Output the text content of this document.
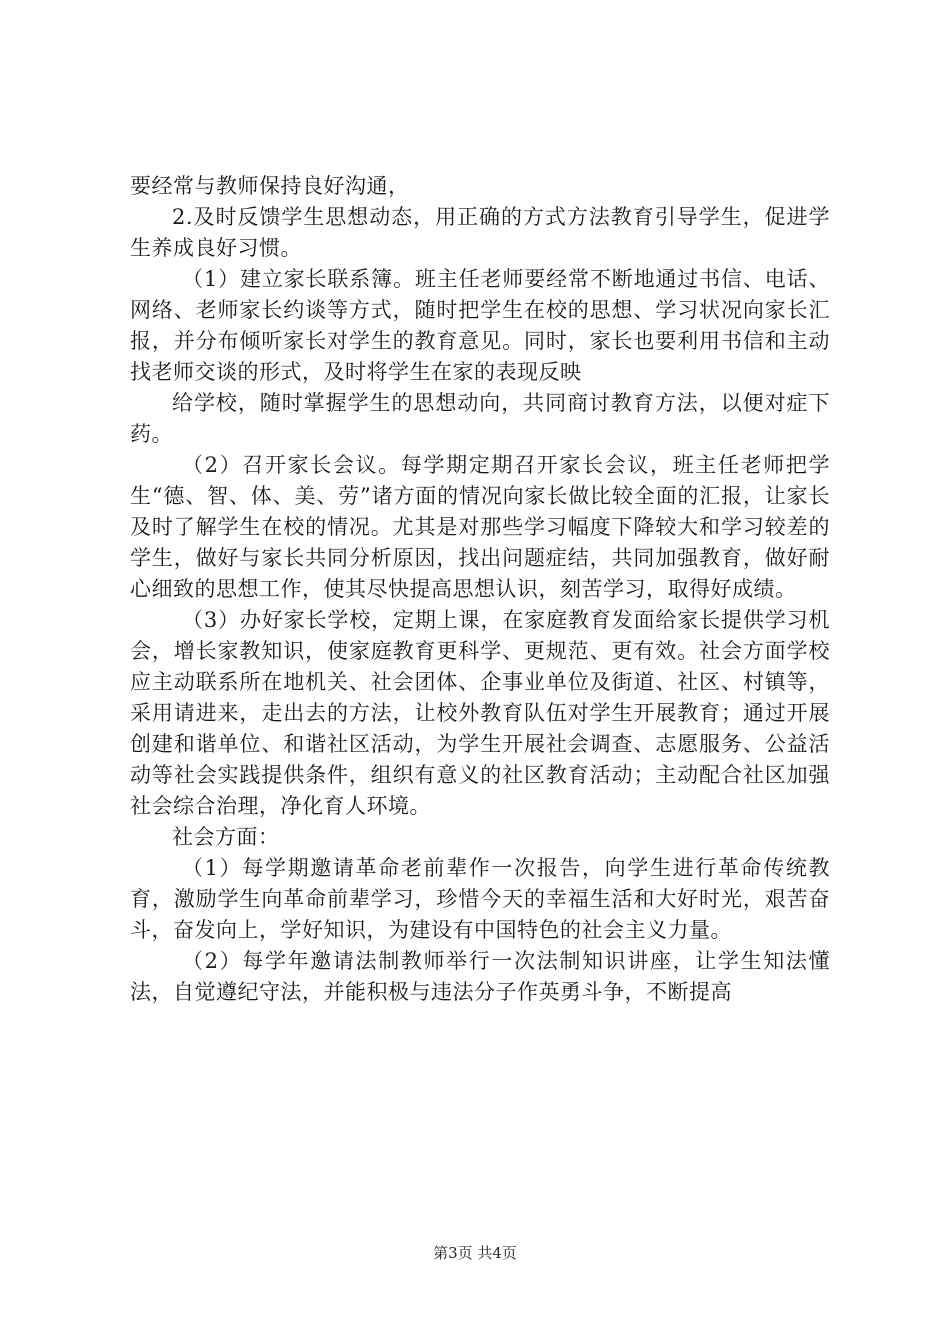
要经常与教师保持良好沟通，

2.及时反馈学生思想动态，用正确的方式方法教育引导学生，促进学生养成良好习惯。

（1）建立家长联系簿。班主任老师要经常不断地通过书信、电话、网络、老师家长约谈等方式，随时把学生在校的思想、学习状况向家长汇报，并分布倾听家长对学生的教育意见。同时，家长也要利用书信和主动找老师交谈的形式，及时将学生在家的表现反映

给学校，随时掌握学生的思想动向，共同商讨教育方法，以便对症下药。

（2）召开家长会议。每学期定期召开家长会议，班主任老师把学生“德、智、体、美、劳”诸方面的情况向家长做比较全面的汇报，让家长及时了解学生在校的情况。尤其是对那些学习幅度下降较大和学习较差的学生，做好与家长共同分析原因，找出问题症结，共同加强教育，做好耐心细致的思想工作，使其尽快提高思想认识，刻苦学习，取得好成绩。

（3）办好家长学校，定期上课，在家庭教育发面给家长提供学习机会，增长家教知识，使家庭教育更科学、更规范、更有效。社会方面学校应主动联系所在地机关、社会团体、企事业单位及街道、社区、村镇等，采用请进来，走出去的方法，让校外教育队伍对学生开展教育；通过开展创建和谐单位、和谐社区活动，为学生开展社会调查、志愿服务、公益活动等社会实践提供条件，组织有意义的社区教育活动；主动配合社区加强社会综合治理，净化育人环境。

社会方面：

（1）每学期邀请革命老前辈作一次报告，向学生进行革命传统教育，激励学生向革命前辈学习，珍惜今天的幸福生活和大好时光，艰苦奋斗，奋发向上，学好知识，为建设有中国特色的社会主义力量。

（2）每学年邀请法制教师举行一次法制知识讲座，让学生知法懂法，自觉遵纪守法，并能积极与违法分子作英勇斗争，不断提高

第3页 共4页
